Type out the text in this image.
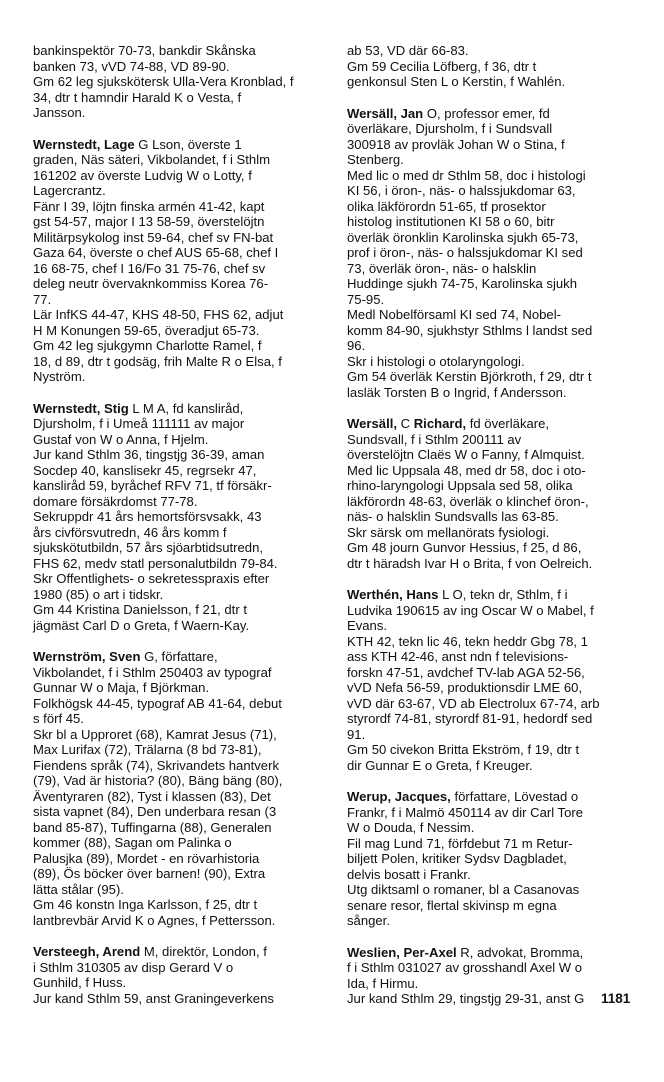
bankinspektör 70-73, bankdir Skånska
banken 73, vVD 74-88, VD 89-90.
Gm 62 leg sjukskötersk Ulla-Vera Kronblad, f
34, dtr t hamndir Harald K o Vesta, f
Jansson.
Wernstedt, Lage G Lson, överste 1
graden, Näs säteri, Vikbolandet, f i Sthlm
161202 av överste Ludvig W o Lotty, f
Lagercrantz.
Fänr I 39, löjtn finska armén 41-42, kapt
gst 54-57, major I 13 58-59, överstelöjtn
Militärpsykolog inst 59-64, chef sv FN-bat
Gaza 64, överste o chef AUS 65-68, chef I
16 68-75, chef I 16/Fo 31 75-76, chef sv
deleg neutr övervaknkommiss Korea 76-
77.
Lär InfKS 44-47, KHS 48-50, FHS 62, adjut
H M Konungen 59-65, överadjut 65-73.
Gm 42 leg sjukgymn Charlotte Ramel, f
18, d 89, dtr t godsäg, frih Malte R o Elsa, f
Nyström.
Wernstedt, Stig L M A, fd kanslіråd,
Djursholm, f i Umeå 111111 av major
Gustaf von W o Anna, f Hjelm.
Jur kand Sthlm 36, tingstjg 36-39, aman
Socdep 40, kanslisekr 45, regrsekr 47,
kanslіråd 59, byråchef RFV 71, tf försäkr-
domare försäkrdomst 77-78.
Sekruppdr 41 års hemortsförsvsakk, 43
års civförsvutredn, 46 års komm f
sjukskötutbildn, 57 års sjöarbtidsutredn,
FHS 62, medv statl personalutbildn 79-84.
Skr Offentlighets- o sekretesspraxis efter
1980 (85) o art i tidskr.
Gm 44 Kristina Danielsson, f 21, dtr t
jägmäst Carl D o Greta, f Waern-Kay.
Wernström, Sven G, författare,
Vikbolandet, f i Sthlm 250403 av typograf
Gunnar W o Maja, f Björkman.
Folkhögsk 44-45, typograf AB 41-64, debut
s förf 45.
Skr bl a Upproret (68), Kamrat Jesus (71),
Max Lurifax (72), Trälarna (8 bd 73-81),
Fiendens språk (74), Skrivandets hantverk
(79), Vad är historia? (80), Bäng bäng (80),
Äventyraren (82), Tyst i klassen (83), Det
sista vapnet (84), Den underbara resan (3
band 85-87), Tuffingarna (88), Generalen
kommer (88), Sagan om Palinka o
Palusjka (89), Mordet - en rövarhistoria
(89), Ös böcker över barnen! (90), Extra
lätta stålar (95).
Gm 46 konstn Inga Karlsson, f 25, dtr t
lantbrevbär Arvid K o Agnes, f Pettersson.
Versteegh, Arend M, direktör, London, f
i Sthlm 310305 av disp Gerard V o
Gunhild, f Huss.
Jur kand Sthlm 59, anst Graningeverkens
ab 53, VD där 66-83.
Gm 59 Cecilia Löfberg, f 36, dtr t
genkonsul Sten L o Kerstin, f Wahlén.
Wersäll, Jan O, professor emer, fd
överläkare, Djursholm, f i Sundsvall
300918 av provläk Johan W o Stina, f
Stenberg.
Med lic o med dr Sthlm 58, doc i histologi
KI 56, i öron-, näs- o halssjukdomar 63,
olika läkförordn 51-65, tf prosektor
histolog institutionen KI 58 o 60, bitr
överläk öronklin Karolinska sjukh 65-73,
prof i öron-, näs- o halssjukdomar KI sed
73, överläk öron-, näs- o halsklin
Huddinge sjukh 74-75, Karolinska sjukh
75-95.
Medl Nobelförsaml KI sed 74, Nobel-
komm 84-90, sjukhstyr Sthlms l landst sed
96.
Skr i histologi o otolaryngologi.
Gm 54 överläk Kerstin Björkroth, f 29, dtr t
lasläk Torsten B o Ingrid, f Andersson.
Wersäll, C Richard, fd överläkare,
Sundsvall, f i Sthlm 200111 av
överstelöjtn Claës W o Fanny, f Almquist.
Med lic Uppsala 48, med dr 58, doc i oto-
rhino-laryngologi Uppsala sed 58, olika
läkförordn 48-63, överläk o klinchef öron-,
näs- o halsklin Sundsvalls las 63-85.
Skr särsk om mellanörats fysiologi.
Gm 48 journ Gunvor Hessius, f 25, d 86,
dtr t häradsh Ivar H o Brita, f von Oelreich.
Werthén, Hans L O, tekn dr, Sthlm, f i
Ludvika 190615 av ing Oscar W o Mabel, f
Evans.
KTH 42, tekn lic 46, tekn heddr Gbg 78, 1
ass KTH 42-46, anst ndn f televisions-
forskn 47-51, avdchef TV-lab AGA 52-56,
vVD Nefa 56-59, produktionsdir LME 60,
vVD där 63-67, VD ab Electrolux 67-74, arb
styrordf 74-81, styrordf 81-91, hedordf sed
91.
Gm 50 civekon Britta Ekström, f 19, dtr t
dir Gunnar E o Greta, f Kreuger.
Werup, Jacques, författare, Lövestad o
Frankr, f i Malmö 450114 av dir Carl Tore
W o Douda, f Nessim.
Fil mag Lund 71, förfdebut 71 m Retur-
biljett Polen, kritiker Sydsv Dagbladet,
delvis bosatt i Frankr.
Utg diktsaml o romaner, bl a Casanovas
senare resor, flertal skivinsp m egna
sånger.
Weslien, Per-Axel R, advokat, Bromma,
f i Sthlm 031027 av grosshandl Axel W o
Ida, f Hirmu.
Jur kand Sthlm 29, tingstjg 29-31, anst G	1181
